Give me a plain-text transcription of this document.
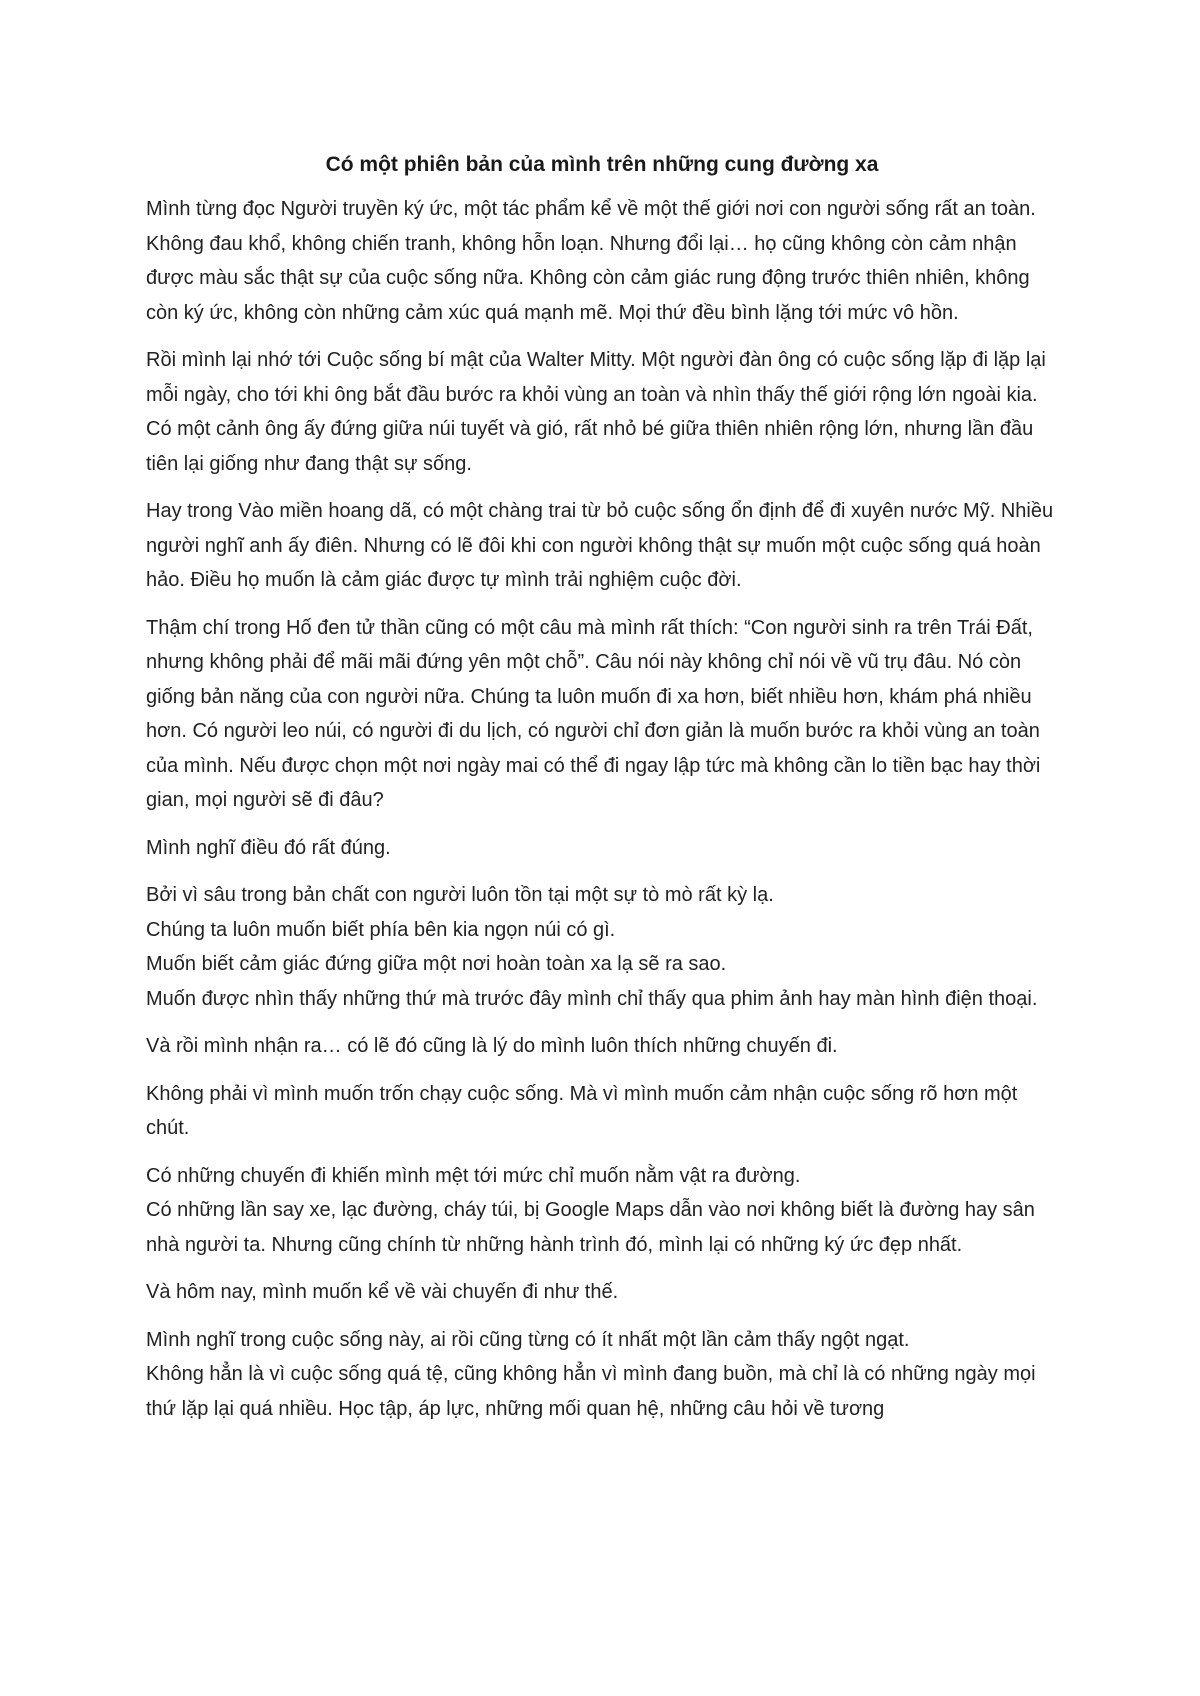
Có một phiên bản của mình trên những cung đường xa

Mình từng đọc Người truyền ký ức, một tác phẩm kể về một thế giới nơi con người sống rất an toàn. Không đau khổ, không chiến tranh, không hỗn loạn. Nhưng đổi lại… họ cũng không còn cảm nhận được màu sắc thật sự của cuộc sống nữa. Không còn cảm giác rung động trước thiên nhiên, không còn ký ức, không còn những cảm xúc quá mạnh mẽ. Mọi thứ đều bình lặng tới mức vô hồn.

Rồi mình lại nhớ tới Cuộc sống bí mật của Walter Mitty. Một người đàn ông có cuộc sống lặp đi lặp lại mỗi ngày, cho tới khi ông bắt đầu bước ra khỏi vùng an toàn và nhìn thấy thế giới rộng lớn ngoài kia. Có một cảnh ông ấy đứng giữa núi tuyết và gió, rất nhỏ bé giữa thiên nhiên rộng lớn, nhưng lần đầu tiên lại giống như đang thật sự sống.

Hay trong Vào miền hoang dã, có một chàng trai từ bỏ cuộc sống ổn định để đi xuyên nước Mỹ. Nhiều người nghĩ anh ấy điên. Nhưng có lẽ đôi khi con người không thật sự muốn một cuộc sống quá hoàn hảo. Điều họ muốn là cảm giác được tự mình trải nghiệm cuộc đời.

Thậm chí trong Hố đen tử thần cũng có một câu mà mình rất thích: “Con người sinh ra trên Trái Đất, nhưng không phải để mãi mãi đứng yên một chỗ”. Câu nói này không chỉ nói về vũ trụ đâu. Nó còn giống bản năng của con người nữa. Chúng ta luôn muốn đi xa hơn, biết nhiều hơn, khám phá nhiều hơn. Có người leo núi, có người đi du lịch, có người chỉ đơn giản là muốn bước ra khỏi vùng an toàn của mình. Nếu được chọn một nơi ngày mai có thể đi ngay lập tức mà không cần lo tiền bạc hay thời gian, mọi người sẽ đi đâu?

Mình nghĩ điều đó rất đúng.

Bởi vì sâu trong bản chất con người luôn tồn tại một sự tò mò rất kỳ lạ.
Chúng ta luôn muốn biết phía bên kia ngọn núi có gì.
Muốn biết cảm giác đứng giữa một nơi hoàn toàn xa lạ sẽ ra sao.
Muốn được nhìn thấy những thứ mà trước đây mình chỉ thấy qua phim ảnh hay màn hình điện thoại.

Và rồi mình nhận ra… có lẽ đó cũng là lý do mình luôn thích những chuyến đi.

Không phải vì mình muốn trốn chạy cuộc sống. Mà vì mình muốn cảm nhận cuộc sống rõ hơn một chút.

Có những chuyến đi khiến mình mệt tới mức chỉ muốn nằm vật ra đường.
Có những lần say xe, lạc đường, cháy túi, bị Google Maps dẫn vào nơi không biết là đường hay sân nhà người ta. Nhưng cũng chính từ những hành trình đó, mình lại có những ký ức đẹp nhất.

Và hôm nay, mình muốn kể về vài chuyến đi như thế.

Mình nghĩ trong cuộc sống này, ai rồi cũng từng có ít nhất một lần cảm thấy ngột ngạt.
Không hẳn là vì cuộc sống quá tệ, cũng không hẳn vì mình đang buồn, mà chỉ là có những ngày mọi thứ lặp lại quá nhiều. Học tập, áp lực, những mối quan hệ, những câu hỏi về tương
